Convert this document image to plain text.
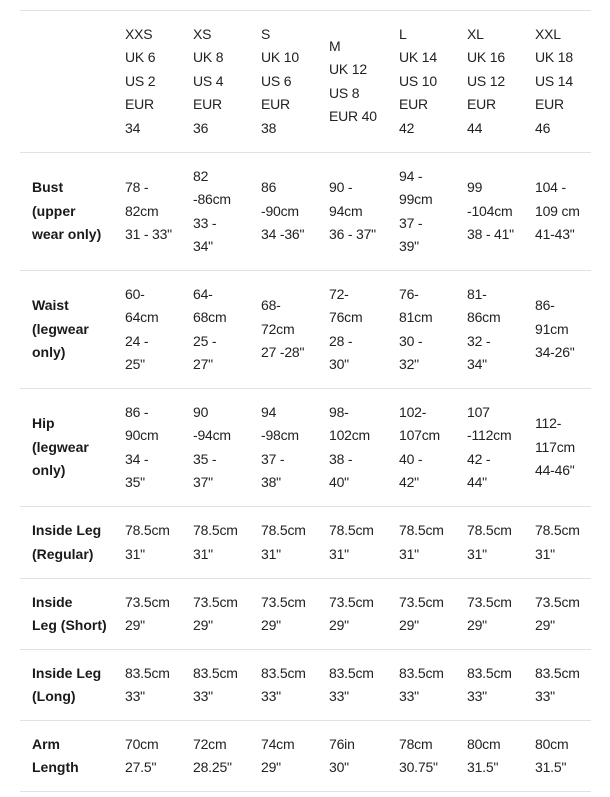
	XXS
UK 6
US 2
EUR
34	XS
UK 8
US 4
EUR
36	S
UK 10
US 6
EUR
38	M
UK 12
US 8
EUR 40	L
UK 14
US 10
EUR
42	XL
UK 16
US 12
EUR
44	XXL
UK 18
US 14
EUR
46

Bust
(upper
wear only)	78 -
82cm
31 - 33"	82
-86cm
33 -
34"	86
-90cm
34 -36"	90 -
94cm
36 - 37"	94 -
99cm
37 -
39"	99
-104cm
38 - 41"	104 -
109 cm
41-43"

Waist
(legwear
only)	60-
64cm
24 -
25"	64-
68cm
25 -
27"	68-
72cm
27 -28"	72-
76cm
28 -
30"	76-
81cm
30 -
32"	81-
86cm
32 -
34"	86-
91cm
34-26"

Hip
(legwear
only)	86 -
90cm
34 -
35"	90
-94cm
35 -
37"	94
-98cm
37 -
38"	98-
102cm
38 -
40"	102-
107cm
40 -
42"	107
-112cm
42 -
44"	112-
117cm
44-46"

Inside Leg
(Regular)	78.5cm
31"	78.5cm
31"	78.5cm
31"	78.5cm
31"	78.5cm
31"	78.5cm
31"	78.5cm
31"

Inside
Leg (Short)	73.5cm
29"	73.5cm
29"	73.5cm
29"	73.5cm
29"	73.5cm
29"	73.5cm
29"	73.5cm
29"

Inside Leg
(Long)	83.5cm
33"	83.5cm
33"	83.5cm
33"	83.5cm
33"	83.5cm
33"	83.5cm
33"	83.5cm
33"

Arm
Length	70cm
27.5"	72cm
28.25"	74cm
29"	76in
30"	78cm
30.75"	80cm
31.5"	80cm
31.5"
